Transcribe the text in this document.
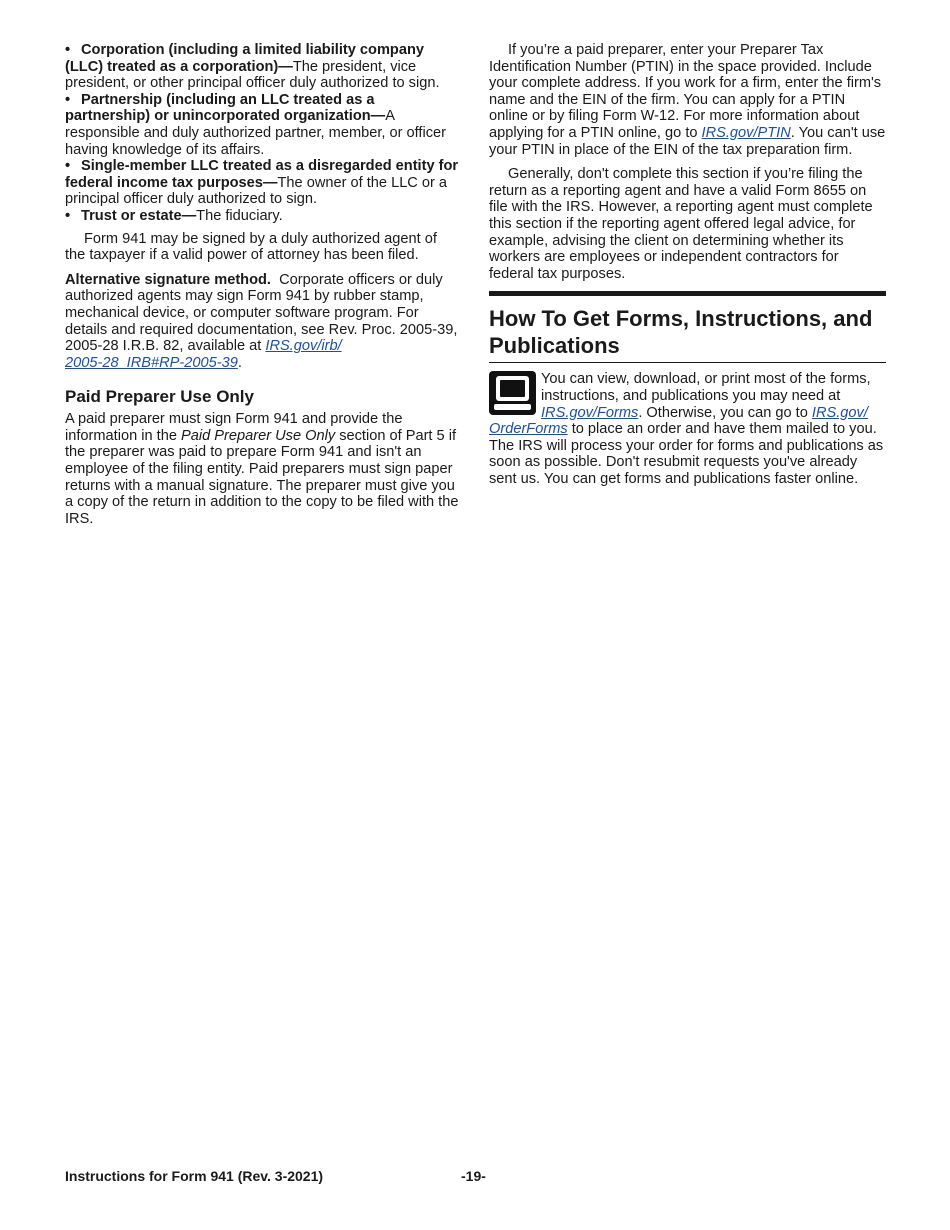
• Corporation (including a limited liability company (LLC) treated as a corporation)—The president, vice president, or other principal officer duly authorized to sign.

• Partnership (including an LLC treated as a partnership) or unincorporated organization—A responsible and duly authorized partner, member, or officer having knowledge of its affairs.

• Single-member LLC treated as a disregarded entity for federal income tax purposes—The owner of the LLC or a principal officer duly authorized to sign.

• Trust or estate—The fiduciary.

Form 941 may be signed by a duly authorized agent of the taxpayer if a valid power of attorney has been filed.

Alternative signature method. Corporate officers or duly authorized agents may sign Form 941 by rubber stamp, mechanical device, or computer software program. For details and required documentation, see Rev. Proc. 2005-39, 2005-28 I.R.B. 82, available at IRS.gov/irb/
2005-28_IRB#RP-2005-39.

Paid Preparer Use Only

A paid preparer must sign Form 941 and provide the information in the Paid Preparer Use Only section of Part 5 if the preparer was paid to prepare Form 941 and isn't an employee of the filing entity. Paid preparers must sign paper returns with a manual signature. The preparer must give you a copy of the return in addition to the copy to be filed with the IRS.

If you’re a paid preparer, enter your Preparer Tax Identification Number (PTIN) in the space provided. Include your complete address. If you work for a firm, enter the firm's name and the EIN of the firm. You can apply for a PTIN online or by filing Form W-12. For more information about applying for a PTIN online, go to IRS.gov/PTIN. You can't use your PTIN in place of the EIN of the tax preparation firm.

Generally, don't complete this section if you’re filing the return as a reporting agent and have a valid Form 8655 on file with the IRS. However, a reporting agent must complete this section if the reporting agent offered legal advice, for example, advising the client on determining whether its workers are employees or independent contractors for federal tax purposes.

How To Get Forms, Instructions, and Publications

You can view, download, or print most of the forms, instructions, and publications you may need at IRS.gov/Forms. Otherwise, you can go to IRS.gov/
OrderForms to place an order and have them mailed to you. The IRS will process your order for forms and publications as soon as possible. Don't resubmit requests you've already sent us. You can get forms and publications faster online.

Instructions for Form 941 (Rev. 3-2021)	-19-
